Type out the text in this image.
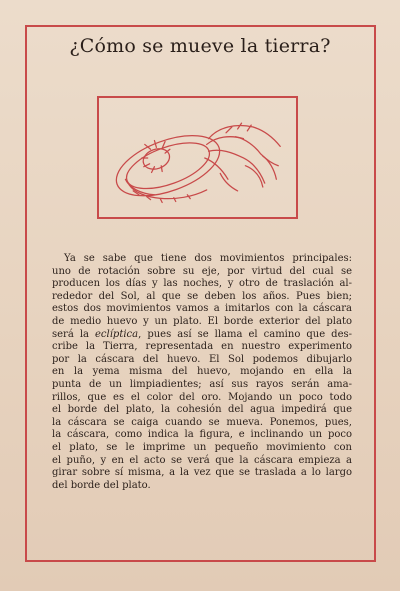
¿Cómo se mueve la tierra?
Ya se sabe que tiene dos movimientos principales:
uno de rotación sobre su eje, por virtud del cual se
producen los días y las noches, y otro de traslación al-
rededor del Sol, al que se deben los años. Pues bien;
estos dos movimientos vamos a imitarlos con la cáscara
de medio huevo y un plato. El borde exterior del plato
será la eclíptica, pues así se llama el camino que des-
cribe la Tierra, representada en nuestro experimento
por la cáscara del huevo. El Sol podemos dibujarlo
en la yema misma del huevo, mojando en ella la
punta de un limpiadientes; así sus rayos serán ama-
rillos, que es el color del oro. Mojando un poco todo
el borde del plato, la cohesión del agua impedirá que
la cáscara se caiga cuando se mueva. Ponemos, pues,
la cáscara, como indica la figura, e inclinando un poco
el plato, se le imprime un pequeño movimiento con
el puño, y en el acto se verá que la cáscara empieza a
girar sobre sí misma, a la vez que se traslada a lo largo
del borde del plato.
